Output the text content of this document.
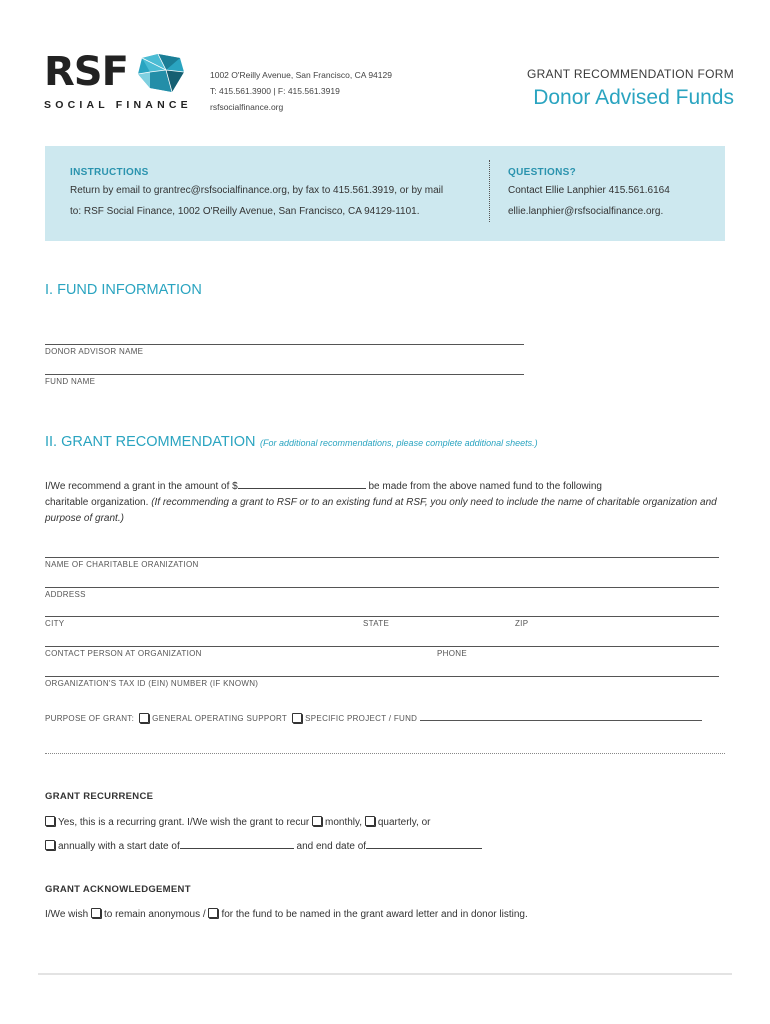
RSF
SOCIAL FINANCE
1002 O'Reilly Avenue, San Francisco, CA 94129
T: 415.561.3900 | F: 415.561.3919
rsfsocialfinance.org
GRANT RECOMMENDATION FORM
Donor Advised Funds
INSTRUCTIONS
Return by email to grantrec@rsfsocialfinance.org, by fax to 415.561.3919, or by mail
to: RSF Social Finance, 1002 O'Reilly Avenue, San Francisco, CA 94129-1101.
QUESTIONS?
Contact Ellie Lanphier 415.561.6164
ellie.lanphier@rsfsocialfinance.org.
I. FUND INFORMATION
DONOR ADVISOR NAME
FUND NAME
II. GRANT RECOMMENDATION (For additional recommendations, please complete additional sheets.)
I/We recommend a grant in the amount of $	be made from the above named fund to the following
charitable organization. (If recommending a grant to RSF or to an existing fund at RSF, you only need to include the name of charitable organization and purpose of grant.)
NAME OF CHARITABLE ORANIZATION
ADDRESS
CITY	STATE	ZIP
CONTACT PERSON AT ORGANIZATION	PHONE
ORGANIZATION'S TAX ID (EIN) NUMBER (IF KNOWN)
PURPOSE OF GRANT: GENERAL OPERATING SUPPORT SPECIFIC PROJECT / FUND
GRANT RECURRENCE
Yes, this is a recurring grant. I/We wish the grant to recur monthly, quarterly, or
annually with a start date of	and end date of
GRANT ACKNOWLEDGEMENT
I/We wish to remain anonymous / for the fund to be named in the grant award letter and in donor listing.
